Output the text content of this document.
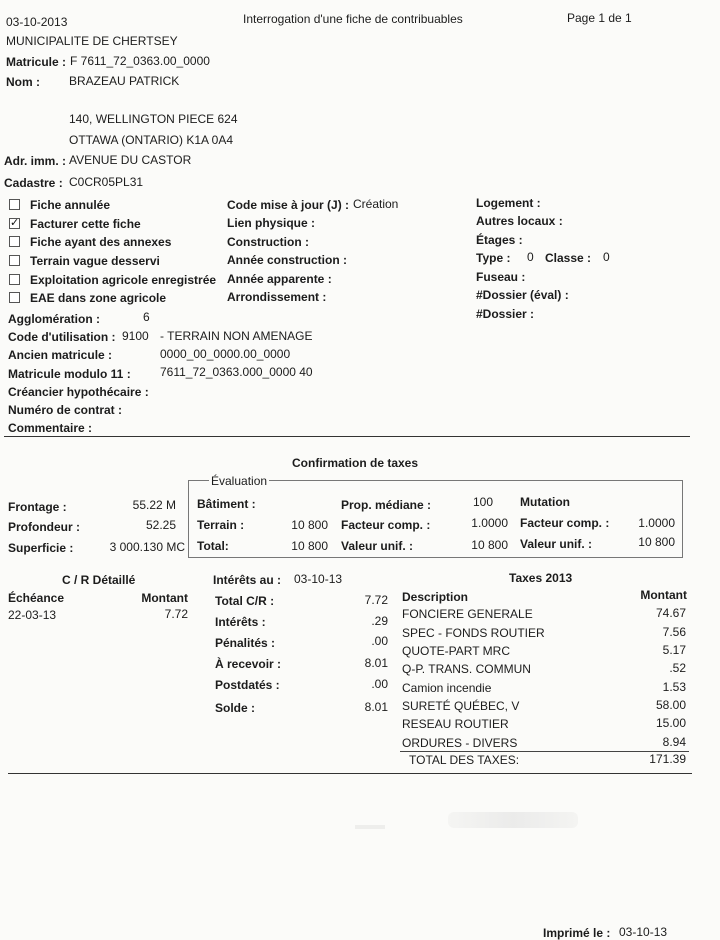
03-10-2013	Interrogation d'une fiche de contribuables	Page 1 de 1
MUNICIPALITE DE CHERTSEY
Matricule : F 7611_72_0363.00_0000
Nom : BRAZEAU PATRICK
140, WELLINGTON PIECE 624
OTTAWA (ONTARIO) K1A 0A4
Adr. imm. : AVENUE DU CASTOR
Cadastre : C0CR05PL31
Fiche annulée
✓ Facturer cette fiche
Fiche ayant des annexes
Terrain vague desservi
Exploitation agricole enregistrée
EAE dans zone agricole
Code mise à jour (J) : Création
Lien physique :
Construction :
Année construction :
Année apparente :
Arrondissement :
Logement :
Autres locaux :
Étages :
Type : 0 Classe : 0
Fuseau :
#Dossier (éval) :
#Dossier :
Agglomération :	6
Code d'utilisation : 9100 - TERRAIN NON AMENAGE
Ancien matricule :	0000_00_0000.00_0000
Matricule modulo 11 : 7611_72_0363.000_0000 40
Créancier hypothécaire :
Numéro de contrat :
Commentaire :
Confirmation de taxes
Évaluation
Frontage :	55.22 M
Profondeur :	52.25
Superficie :	3 000.130 MC
Bâtiment :
Terrain :	10 800
Total:	10 800
Prop. médiane :	100
Facteur comp. :	1.0000
Valeur unif. :	10 800
Mutation
Facteur comp. :	1.0000
Valeur unif. :	10 800
C / R Détaillé
Échéance	Montant
22-03-13	7.72
Intérêts au : 03-10-13
Total C/R :	7.72
Intérêts :	.29
Pénalités :	.00
À recevoir :	8.01
Postdatés :	.00
Solde :	8.01
Taxes 2013
Description	Montant
FONCIERE GENERALE	74.67
SPEC - FONDS ROUTIER	7.56
QUOTE-PART MRC	5.17
Q-P. TRANS. COMMUN	.52
Camion incendie	1.53
SURETÉ QUÉBEC, V	58.00
RESEAU ROUTIER	15.00
ORDURES - DIVERS	8.94
TOTAL DES TAXES:	171.39
Imprimé le : 03-10-13
